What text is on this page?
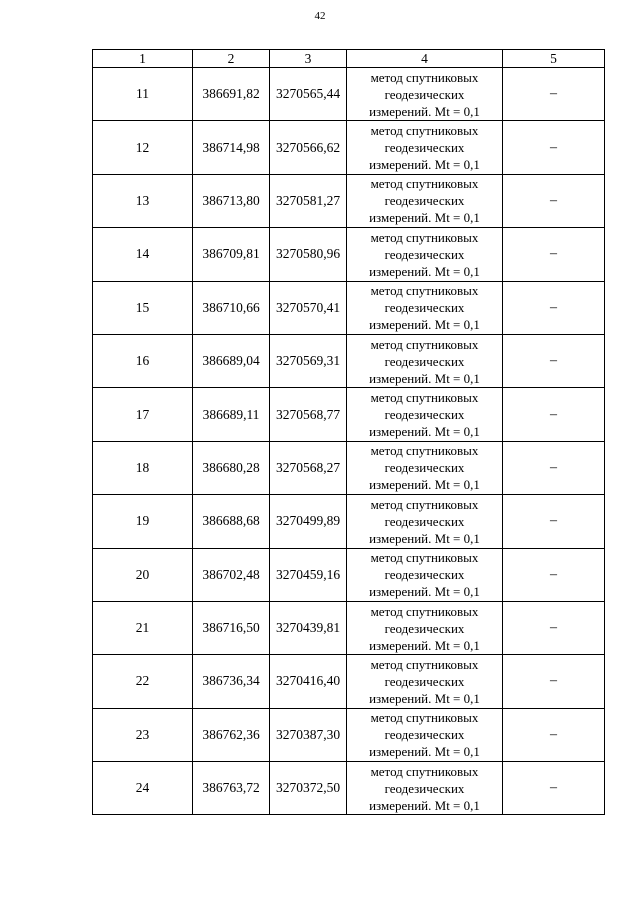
42
1	2	3	4	5
11	386691,82	3270565,44	метод спутниковых
геодезических
измерений. Mt = 0,1	–
12	386714,98	3270566,62	метод спутниковых
геодезических
измерений. Mt = 0,1	–
13	386713,80	3270581,27	метод спутниковых
геодезических
измерений. Mt = 0,1	–
14	386709,81	3270580,96	метод спутниковых
геодезических
измерений. Mt = 0,1	–
15	386710,66	3270570,41	метод спутниковых
геодезических
измерений. Mt = 0,1	–
16	386689,04	3270569,31	метод спутниковых
геодезических
измерений. Mt = 0,1	–
17	386689,11	3270568,77	метод спутниковых
геодезических
измерений. Mt = 0,1	–
18	386680,28	3270568,27	метод спутниковых
геодезических
измерений. Mt = 0,1	–
19	386688,68	3270499,89	метод спутниковых
геодезических
измерений. Mt = 0,1	–
20	386702,48	3270459,16	метод спутниковых
геодезических
измерений. Mt = 0,1	–
21	386716,50	3270439,81	метод спутниковых
геодезических
измерений. Mt = 0,1	–
22	386736,34	3270416,40	метод спутниковых
геодезических
измерений. Mt = 0,1	–
23	386762,36	3270387,30	метод спутниковых
геодезических
измерений. Mt = 0,1	–
24	386763,72	3270372,50	метод спутниковых
геодезических
измерений. Mt = 0,1	–
